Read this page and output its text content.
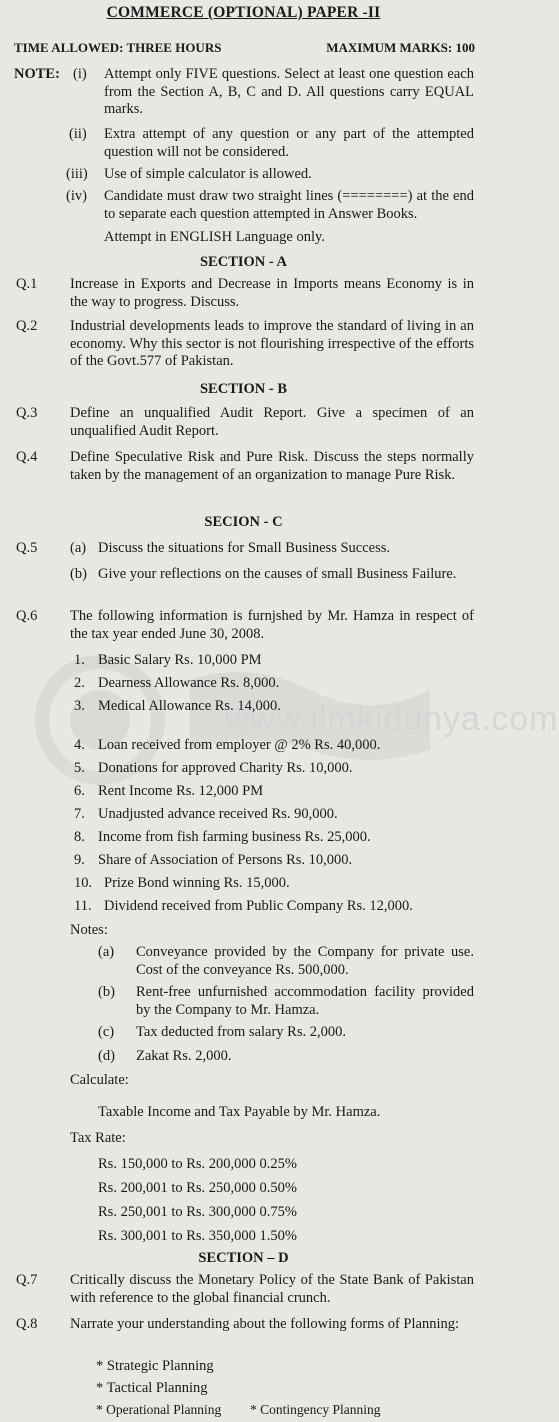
www.ilmkidunya.com
COMMERCE (OPTIONAL) PAPER -II
TIME ALLOWED: THREE HOURS	MAXIMUM MARKS: 100
NOTE: (i) Attempt only FIVE questions. Select at least one question each from the Section A, B, C and D. All questions carry EQUAL marks.
(ii) Extra attempt of any question or any part of the attempted question will not be considered.
(iii) Use of simple calculator is allowed.
(iv) Candidate must draw two straight lines (========) at the end to separate each question attempted in Answer Books.
Attempt in ENGLISH Language only.
SECTION - A
Q.1 Increase in Exports and Decrease in Imports means Economy is in the way to progress. Discuss.
Q.2 Industrial developments leads to improve the standard of living in an economy. Why this sector is not flourishing irrespective of the efforts of the Govt.577 of Pakistan.
SECTION - B
Q.3 Define an unqualified Audit Report. Give a specimen of an unqualified Audit Report.
Q.4 Define Speculative Risk and Pure Risk. Discuss the steps normally taken by the management of an organization to manage Pure Risk.
SECION - C
Q.5 (a) Discuss the situations for Small Business Success.
(b) Give your reflections on the causes of small Business Failure.
Q.6 The following information is furnjshed by Mr. Hamza in respect of the tax year ended June 30, 2008.
1. Basic Salary Rs. 10,000 PM
2. Dearness Allowance Rs. 8,000.
3. Medical Allowance Rs. 14,000.
4. Loan received from employer @ 2% Rs. 40,000.
5. Donations for approved Charity Rs. 10,000.
6. Rent Income Rs. 12,000 PM
7. Unadjusted advance received Rs. 90,000.
8. Income from fish farming business Rs. 25,000.
9. Share of Association of Persons Rs. 10,000.
10. Prize Bond winning Rs. 15,000.
11. Dividend received from Public Company Rs. 12,000.
Notes:
(a) Conveyance provided by the Company for private use. Cost of the conveyance Rs. 500,000.
(b) Rent-free unfurnished accommodation facility provided by the Company to Mr. Hamza.
(c) Tax deducted from salary Rs. 2,000.
(d) Zakat Rs. 2,000.
Calculate:
Taxable Income and Tax Payable by Mr. Hamza.
Tax Rate:
Rs. 150,000 to Rs. 200,000 0.25%
Rs. 200,001 to Rs. 250,000 0.50%
Rs. 250,001 to Rs. 300,000 0.75%
Rs. 300,001 to Rs. 350,000 1.50%
SECTION – D
Q.7 Critically discuss the Monetary Policy of the State Bank of Pakistan with reference to the global financial crunch.
Q.8 Narrate your understanding about the following forms of Planning:
* Strategic Planning
* Tactical Planning
* Operational Planning * Contingency Planning
